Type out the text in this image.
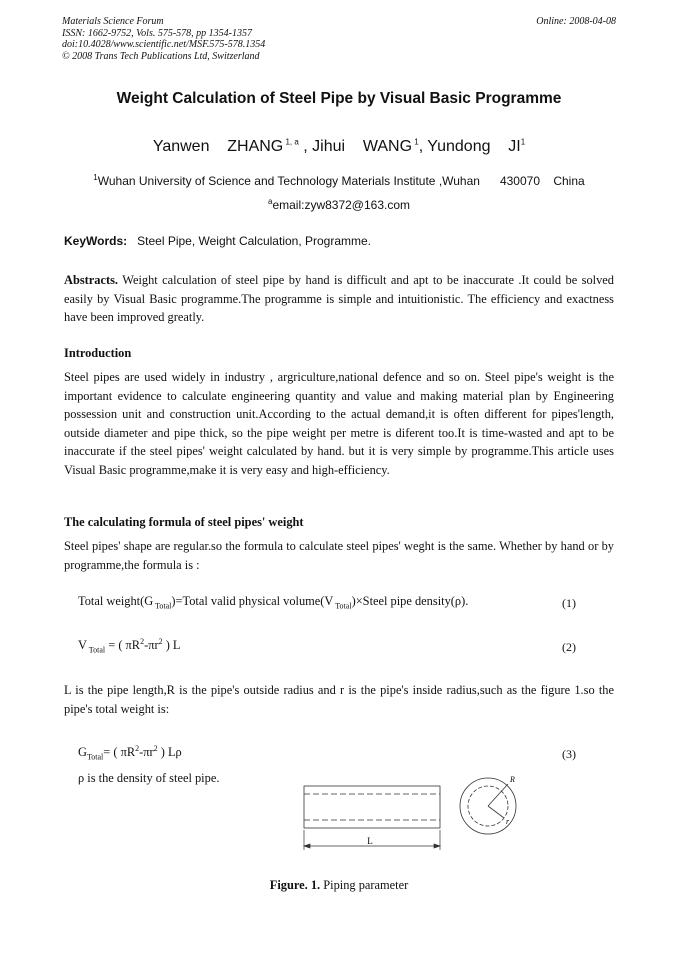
Materials Science Forum
ISSN: 1662-9752, Vols. 575-578, pp 1354-1357
doi:10.4028/www.scientific.net/MSF.575-578.1354
© 2008 Trans Tech Publications Ltd, Switzerland
Online: 2008-04-08
Weight Calculation of Steel Pipe by Visual Basic Programme
Yanwen    ZHANG $^{1, a}$ , Jihui    WANG $^1$, Yundong    $JI^1$
$^1$Wuhan University of Science and Technology Materials Institute ,Wuhan      430070    China
$^a$email:zyw8372@163.com
KeyWords:   Steel Pipe, Weight Calculation, Programme.
Abstracts. Weight calculation of steel pipe by hand is difficult and apt to be inaccurate .It could be solved easily by Visual Basic programme.The programme is simple and intuitionistic. The efficiency and exactness have been improved greatly.
Introduction
Steel pipes are used widely in industry , argriculture,national defence and so on. Steel pipe's weight is the important evidence to calculate engineering quantity and value and making material plan by Engineering possession unit and construction unit.According to the actual demand,it is often different for pipes'length, outside diameter and pipe thick, so the pipe weight per metre is diferent too.It is time-wasted and apt to be inaccurate if the steel pipes' weight calculated by hand. but it is very simple by programme.This article uses Visual Basic programme,make it is very easy and high-efficiency.
The calculating formula of steel pipes' weight
Steel pipes' shape are regular.so the formula to calculate steel pipes' weght is the same. Whether by hand or by programme,the formula is :
Total weight(G $_{Total}$)=Total valid physical volume(V $_{Total}$)×Steel pipe density(ρ).	(1)
V $_{Total}$ = ( $\pi R^2-\pi r^2$ ) L	(2)
L is the pipe length,R is the pipe's outside radius and r is the pipe's inside radius,such as the figure 1.so the pipe's total weight is:
$G_{Total}=$ ( $\pi R^2-\pi r^2$ ) Lρ	(3)
ρ is the density of steel pipe.
L
R
r
Figure. 1. Piping parameter
